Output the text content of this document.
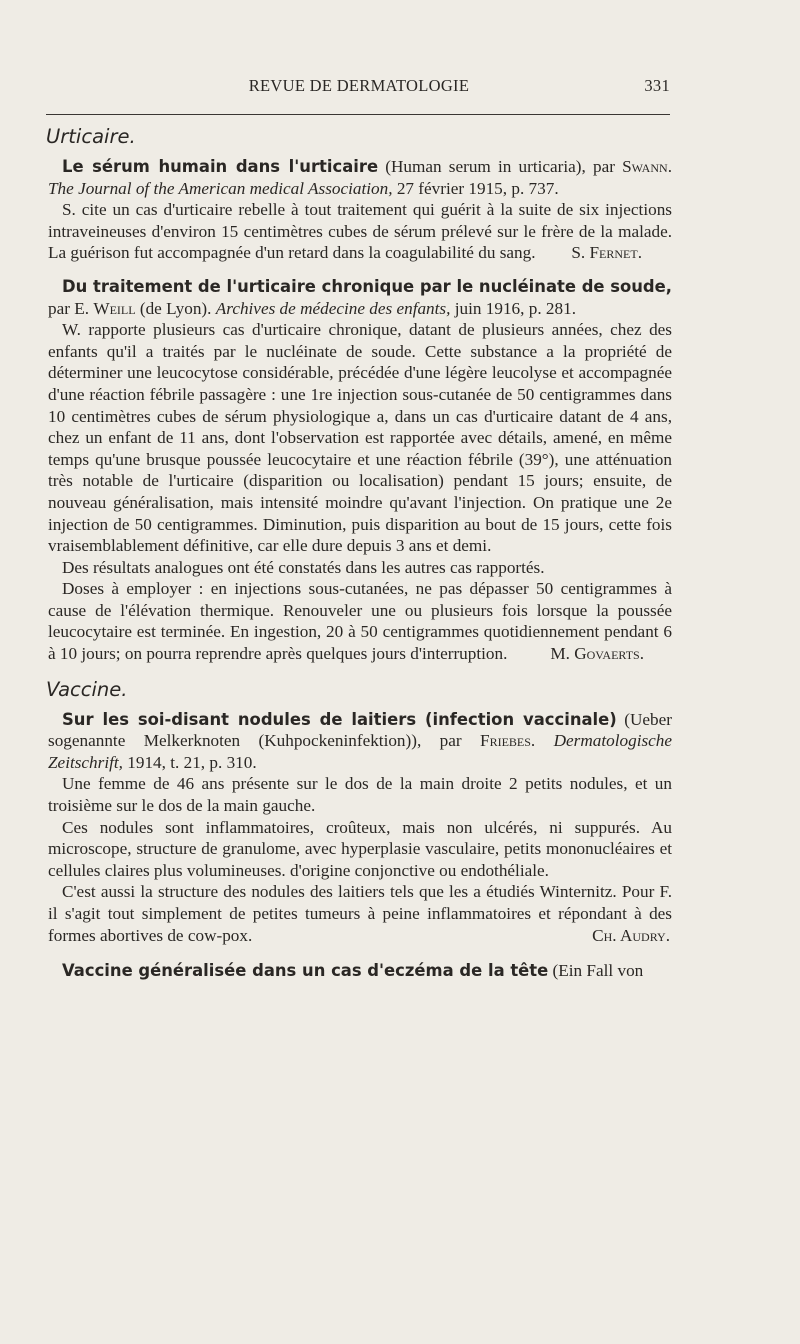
REVUE DE DERMATOLOGIE	331
Urticaire.

Le sérum humain dans l'urticaire (Human serum in urticaria), par Swann. The Journal of the American medical Association, 27 février 1915, p. 737.

S. cite un cas d'urticaire rebelle à tout traitement qui guérit à la suite de six injections intraveineuses d'environ 15 centimètres cubes de sérum prélevé sur le frère de la malade. La guérison fut accompagnée d'un retard dans la coagulabilité du sang.	S. Fernet.

Du traitement de l'urticaire chronique par le nucléinate de soude, par E. Weill (de Lyon). Archives de médecine des enfants, juin 1916, p. 281.

W. rapporte plusieurs cas d'urticaire chronique, datant de plusieurs années, chez des enfants qu'il a traités par le nucléinate de soude. Cette substance a la propriété de déterminer une leucocytose considérable, précédée d'une légère leucolyse et accompagnée d'une réaction fébrile passagère : une 1re injection sous-cutanée de 50 centigrammes dans 10 centimètres cubes de sérum physiologique a, dans un cas d'urticaire datant de 4 ans, chez un enfant de 11 ans, dont l'observation est rapportée avec détails, amené, en même temps qu'une brusque poussée leucocytaire et une réaction fébrile (39°), une atténuation très notable de l'urticaire (disparition ou localisation) pendant 15 jours; ensuite, de nouveau généralisation, mais intensité moindre qu'avant l'injection. On pratique une 2e injection de 50 centigrammes. Diminution, puis disparition au bout de 15 jours, cette fois vraisemblablement définitive, car elle dure depuis 3 ans et demi.

Des résultats analogues ont été constatés dans les autres cas rapportés.

Doses à employer : en injections sous-cutanées, ne pas dépasser 50 centigrammes à cause de l'élévation thermique. Renouveler une ou plusieurs fois lorsque la poussée leucocytaire est terminée. En ingestion, 20 à 50 centigrammes quotidiennement pendant 6 à 10 jours; on pourra reprendre après quelques jours d'interruption.	M. Govaerts.

Vaccine.

Sur les soi-disant nodules de laitiers (infection vaccinale) (Ueber sogenannte Melkerknoten (Kuhpockeninfektion)), par Friebes. Dermatologische Zeitschrift, 1914, t. 21, p. 310.

Une femme de 46 ans présente sur le dos de la main droite 2 petits nodules, et un troisième sur le dos de la main gauche.

Ces nodules sont inflammatoires, croûteux, mais non ulcérés, ni suppurés. Au microscope, structure de granulome, avec hyperplasie vasculaire, petits mononucléaires et cellules claires plus volumineuses. d'origine conjonctive ou endothéliale.

C'est aussi la structure des nodules des laitiers tels que les a étudiés Winternitz. Pour F. il s'agit tout simplement de petites tumeurs à peine inflammatoires et répondant à des formes abortives de cow-pox.	Ch. Audry.

Vaccine généralisée dans un cas d'eczéma de la tête (Ein Fall von
